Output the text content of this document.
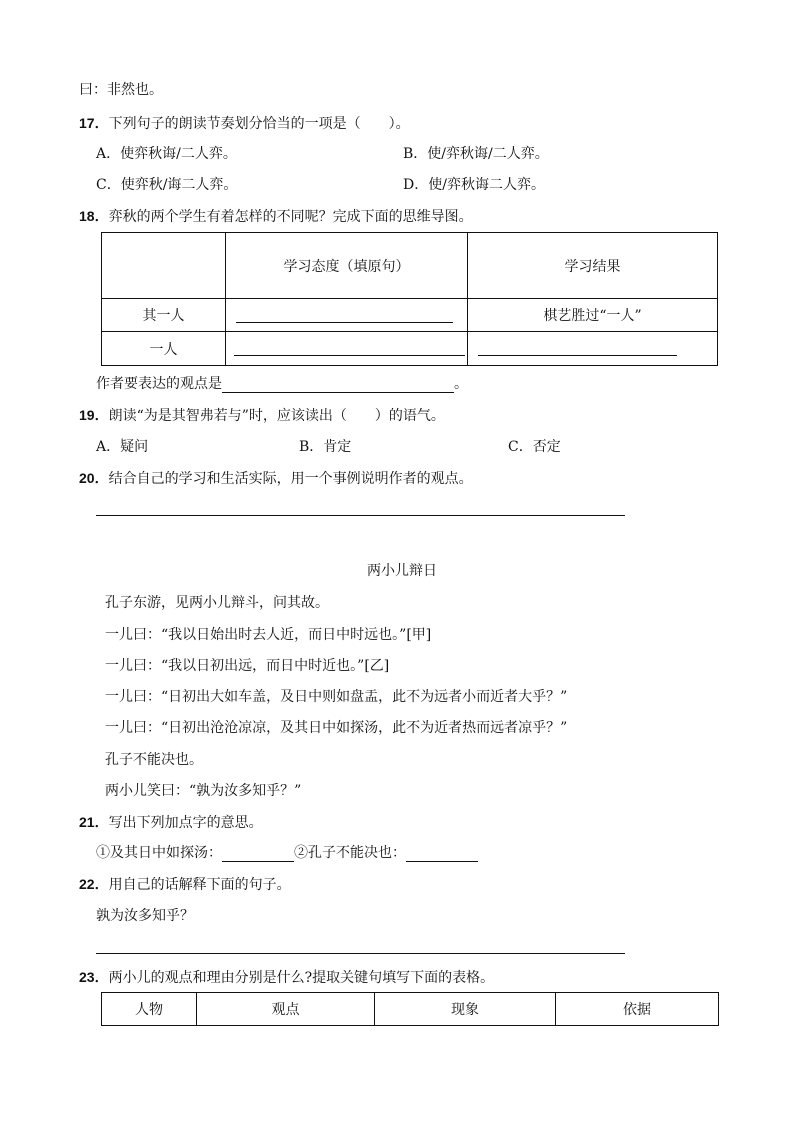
曰：非然也。
17．下列句子的朗读节奏划分恰当的一项是（　　）。
A．使弈秋诲/二人弈。	B．使/弈秋诲/二人弈。
C．使弈秋/诲二人弈。	D．使/弈秋诲二人弈。
18．弈秋的两个学生有着怎样的不同呢？完成下面的思维导图。
	学习态度（填原句）	学习结果
其一人		棋艺胜过“一人”
一人	

作者要表达的观点是	。
19．朗读“为是其智弗若与”时，应该读出（　　）的语气。
A．疑问	B．肯定	C．否定
20．结合自己的学习和生活实际，用一个事例说明作者的观点。
两小儿辩日
孔子东游，见两小儿辩斗，问其故。
一儿曰：“我以日始出时去人近，而日中时远也。”[甲]
一儿曰：“我以日初出远，而日中时近也。”[乙]
一儿曰：“日初出大如车盖，及日中则如盘盂，此不为远者小而近者大乎？”
一儿曰：“日初出沧沧凉凉，及其日中如探汤，此不为近者热而远者凉乎？”
孔子不能决也。
两小儿笑曰：“孰为汝多知乎？”
21．写出下列加点字的意思。
①及其日中如探汤：	②孔子不能决也：
22．用自己的话解释下面的句子。
孰为汝多知乎？
23．两小儿的观点和理由分别是什么?提取关键句填写下面的表格。
人物	观点	现象	依据
